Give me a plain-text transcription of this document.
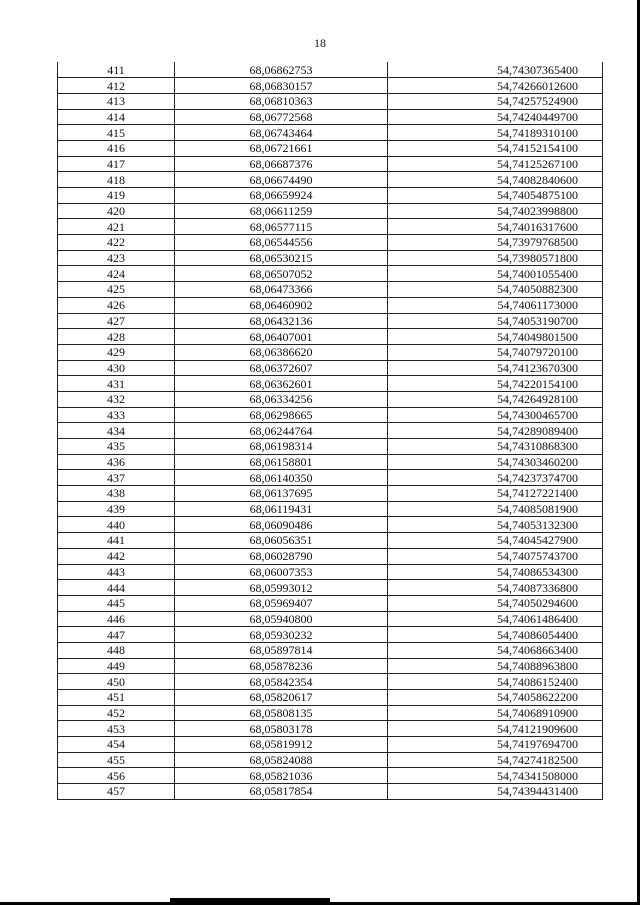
18
411	68,06862753	54,74307365400
412	68,06830157	54,74266012600
413	68,06810363	54,74257524900
414	68,06772568	54,74240449700
415	68,06743464	54,74189310100
416	68,06721661	54,74152154100
417	68,06687376	54,74125267100
418	68,06674490	54,74082840600
419	68,06659924	54,74054875100
420	68,06611259	54,74023998800
421	68,06577115	54,74016317600
422	68,06544556	54,73979768500
423	68,06530215	54,73980571800
424	68,06507052	54,74001055400
425	68,06473366	54,74050882300
426	68,06460902	54,74061173000
427	68,06432136	54,74053190700
428	68,06407001	54,74049801500
429	68,06386620	54,74079720100
430	68,06372607	54,74123670300
431	68,06362601	54,74220154100
432	68,06334256	54,74264928100
433	68,06298665	54,74300465700
434	68,06244764	54,74289089400
435	68,06198314	54,74310868300
436	68,06158801	54,74303460200
437	68,06140350	54,74237374700
438	68,06137695	54,74127221400
439	68,06119431	54,74085081900
440	68,06090486	54,74053132300
441	68,06056351	54,74045427900
442	68,06028790	54,74075743700
443	68,06007353	54,74086534300
444	68,05993012	54,74087336800
445	68,05969407	54,74050294600
446	68,05940800	54,74061486400
447	68,05930232	54,74086054400
448	68,05897814	54,74068663400
449	68,05878236	54,74088963800
450	68,05842354	54,74086152400
451	68,05820617	54,74058622200
452	68,05808135	54,74068910900
453	68,05803178	54,74121909600
454	68,05819912	54,74197694700
455	68,05824088	54,74274182500
456	68,05821036	54,74341508000
457	68,05817854	54,74394431400
